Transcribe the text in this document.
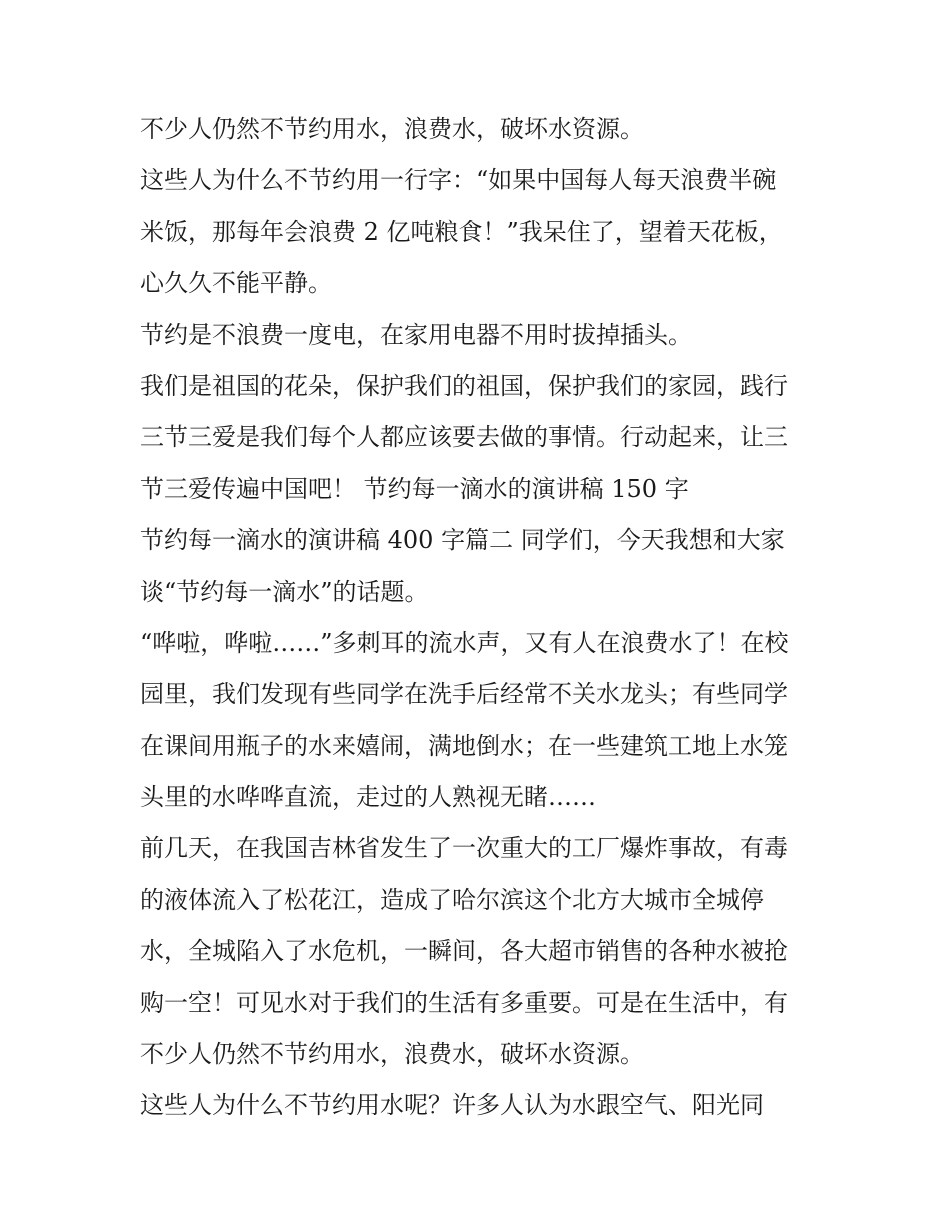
不少人仍然不节约用水，浪费水，破坏水资源。
这些人为什么不节约用一行字：“如果中国每人每天浪费半碗
米饭，那每年会浪费 2 亿吨粮食！”我呆住了，望着天花板，
心久久不能平静。
节约是不浪费一度电，在家用电器不用时拔掉插头。
我们是祖国的花朵，保护我们的祖国，保护我们的家园，践行
三节三爱是我们每个人都应该要去做的事情。行动起来，让三
节三爱传遍中国吧！ 节约每一滴水的演讲稿 150 字
节约每一滴水的演讲稿 400 字篇二 同学们，今天我想和大家
谈“节约每一滴水”的话题。
“哗啦，哗啦……”多刺耳的流水声，又有人在浪费水了！在校
园里，我们发现有些同学在洗手后经常不关水龙头；有些同学
在课间用瓶子的水来嬉闹，满地倒水；在一些建筑工地上水笼
头里的水哗哗直流，走过的人熟视无睹……
前几天，在我国吉林省发生了一次重大的工厂爆炸事故，有毒
的液体流入了松花江，造成了哈尔滨这个北方大城市全城停
水，全城陷入了水危机，一瞬间，各大超市销售的各种水被抢
购一空！可见水对于我们的生活有多重要。可是在生活中，有
不少人仍然不节约用水，浪费水，破坏水资源。
这些人为什么不节约用水呢？许多人认为水跟空气、阳光同
